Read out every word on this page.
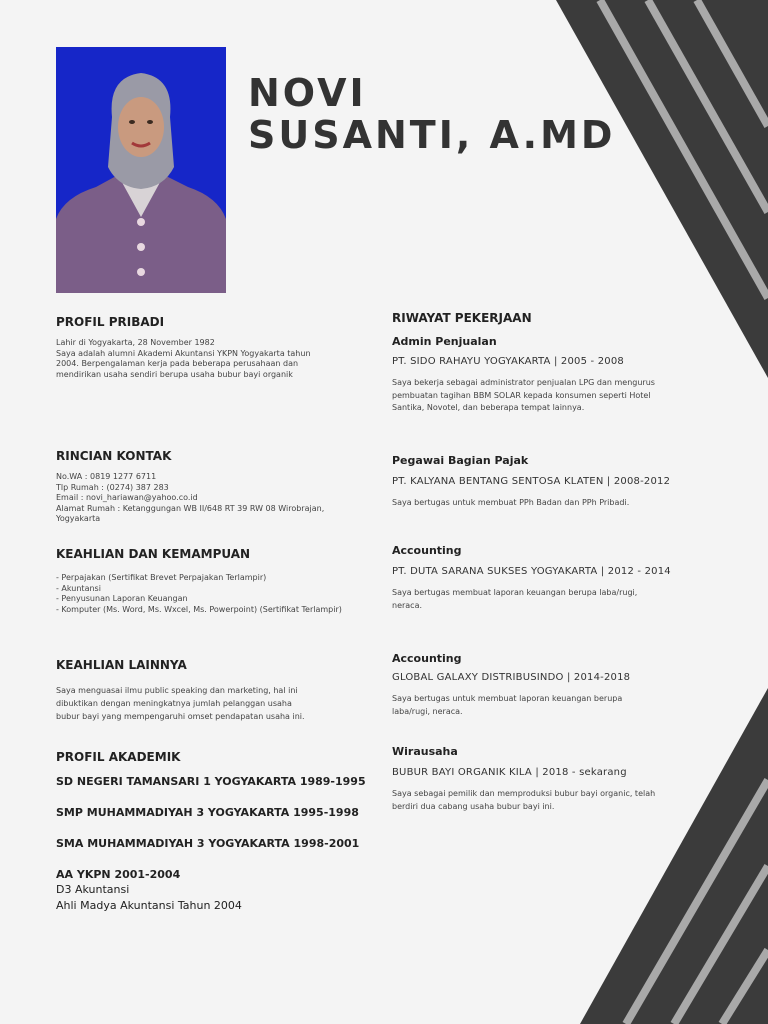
NOVI
SUSANTI, A.MD
PROFIL PRIBADI
Lahir di Yogyakarta, 28 November 1982
Saya adalah alumni Akademi Akuntansi YKPN Yogyakarta tahun
2004. Berpengalaman kerja pada beberapa perusahaan dan
mendirikan usaha sendiri berupa usaha bubur bayi organik
RINCIAN KONTAK
No.WA : 0819 1277 6711
Tlp Rumah : (0274) 387 283
Email : novi_hariawan@yahoo.co.id
Alamat Rumah : Ketanggungan WB II/648 RT 39 RW 08 Wirobrajan,
Yogyakarta
KEAHLIAN DAN KEMAMPUAN
- Perpajakan (Sertifikat Brevet Perpajakan Terlampir)
- Akuntansi
- Penyusunan Laporan Keuangan
- Komputer (Ms. Word, Ms. Wxcel, Ms. Powerpoint) (Sertifikat Terlampir)
KEAHLIAN LAINNYA
Saya menguasai ilmu public speaking dan marketing, hal ini
dibuktikan dengan meningkatnya jumlah pelanggan usaha
bubur bayi yang mempengaruhi omset pendapatan usaha ini.
PROFIL AKADEMIK
SD NEGERI TAMANSARI 1 YOGYAKARTA 1989-1995
SMP MUHAMMADIYAH 3 YOGYAKARTA 1995-1998
SMA MUHAMMADIYAH 3 YOGYAKARTA 1998-2001
AA YKPN 2001-2004
D3 Akuntansi
Ahli Madya Akuntansi Tahun 2004
RIWAYAT PEKERJAAN
Admin Penjualan
PT. SIDO RAHAYU YOGYAKARTA | 2005 - 2008
Saya bekerja sebagai administrator penjualan LPG dan mengurus
pembuatan tagihan BBM SOLAR kepada konsumen seperti Hotel
Santika, Novotel, dan beberapa tempat lainnya.
Pegawai Bagian Pajak
PT. KALYANA BENTANG SENTOSA KLATEN | 2008-2012
Saya bertugas untuk membuat PPh Badan dan PPh Pribadi.
Accounting
PT. DUTA SARANA SUKSES YOGYAKARTA | 2012 - 2014
Saya bertugas membuat laporan keuangan berupa laba/rugi,
neraca.
Accounting
GLOBAL GALAXY DISTRIBUSINDO | 2014-2018
Saya bertugas untuk membuat laporan keuangan berupa
laba/rugi, neraca.
Wirausaha
BUBUR BAYI ORGANIK KILA | 2018 - sekarang
Saya sebagai pemilik dan memproduksi bubur bayi organic, telah
berdiri dua cabang usaha bubur bayi ini.
